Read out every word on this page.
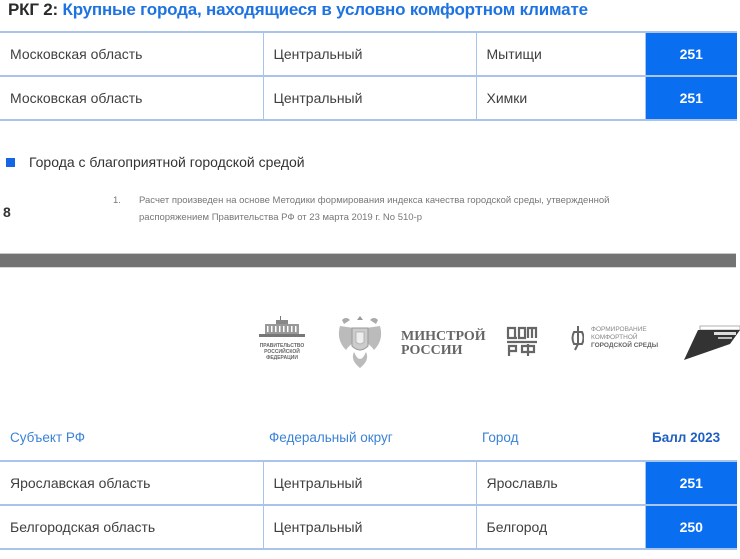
РКГ 2: Крупные города, находящиеся в условно комфортном климате
Московская область	Центральный	Мытищи	251
Московская область	Центральный	Химки	251
Города с благоприятной городской средой
1.	Расчет произведен на основе Методики формирования индекса качества городской среды, утвержденной
распоряжением Правительства РФ от 23 марта 2019 г. No 510-р
8
ПРАВИТЕЛЬСТВО
РОССИЙСКОЙ
ФЕДЕРАЦИИ
МИНСТРОЙ
РОССИИ
ФОРМИРОВАНИЕ
КОМФОРТНОЙ
ГОРОДСКОЙ СРЕДЫ
Субъект РФ	Федеральный округ	Город	Балл 2023
Ярославская область	Центральный	Ярославль	251
Белгородская область	Центральный	Белгород	250
